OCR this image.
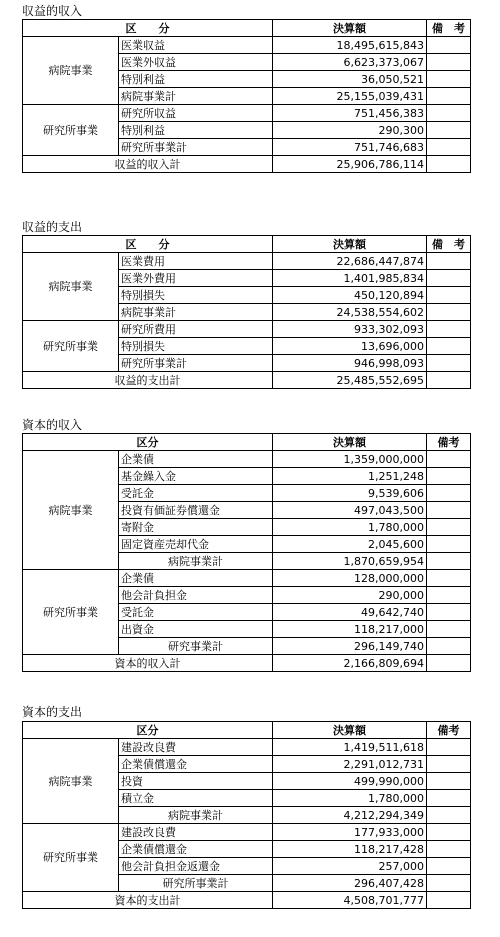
収益的収入
区　　分		決算額	備　考
病院事業	医業収益	18,495,615,843	
	医業外収益	6,623,373,067	
	特別利益	36,050,521	
	病院事業計	25,155,039,431	
研究所事業	研究所収益	751,456,383	
	特別利益	290,300	
	研究所事業計	751,746,683	
収益的収入計		25,906,786,114	
収益的支出
区　　分		決算額	備　考
病院事業	医業費用	22,686,447,874	
	医業外費用	1,401,985,834	
	特別損失	450,120,894	
	病院事業計	24,538,554,602	
研究所事業	研究所費用	933,302,093	
	特別損失	13,696,000	
	研究所事業計	946,998,093	
収益的支出計		25,485,552,695	
資本的収入
区分		決算額	備考
病院事業	企業債	1,359,000,000	
	基金繰入金	1,251,248	
	受託金	9,539,606	
	投資有価証券償還金	497,043,500	
	寄附金	1,780,000	
	固定資産売却代金	2,045,600	
	病院事業計	1,870,659,954	
研究所事業	企業債	128,000,000	
	他会計負担金	290,000	
	受託金	49,642,740	
	出資金	118,217,000	
	研究事業計	296,149,740	
資本的収入計		2,166,809,694	
資本的支出
区分		決算額	備考
病院事業	建設改良費	1,419,511,618	
	企業債償還金	2,291,012,731	
	投資	499,990,000	
	積立金	1,780,000	
	病院事業計	4,212,294,349	
研究所事業	建設改良費	177,933,000	
	企業債償還金	118,217,428	
	他会計負担金返還金	257,000	
	研究所事業計	296,407,428	
資本的支出計		4,508,701,777	
